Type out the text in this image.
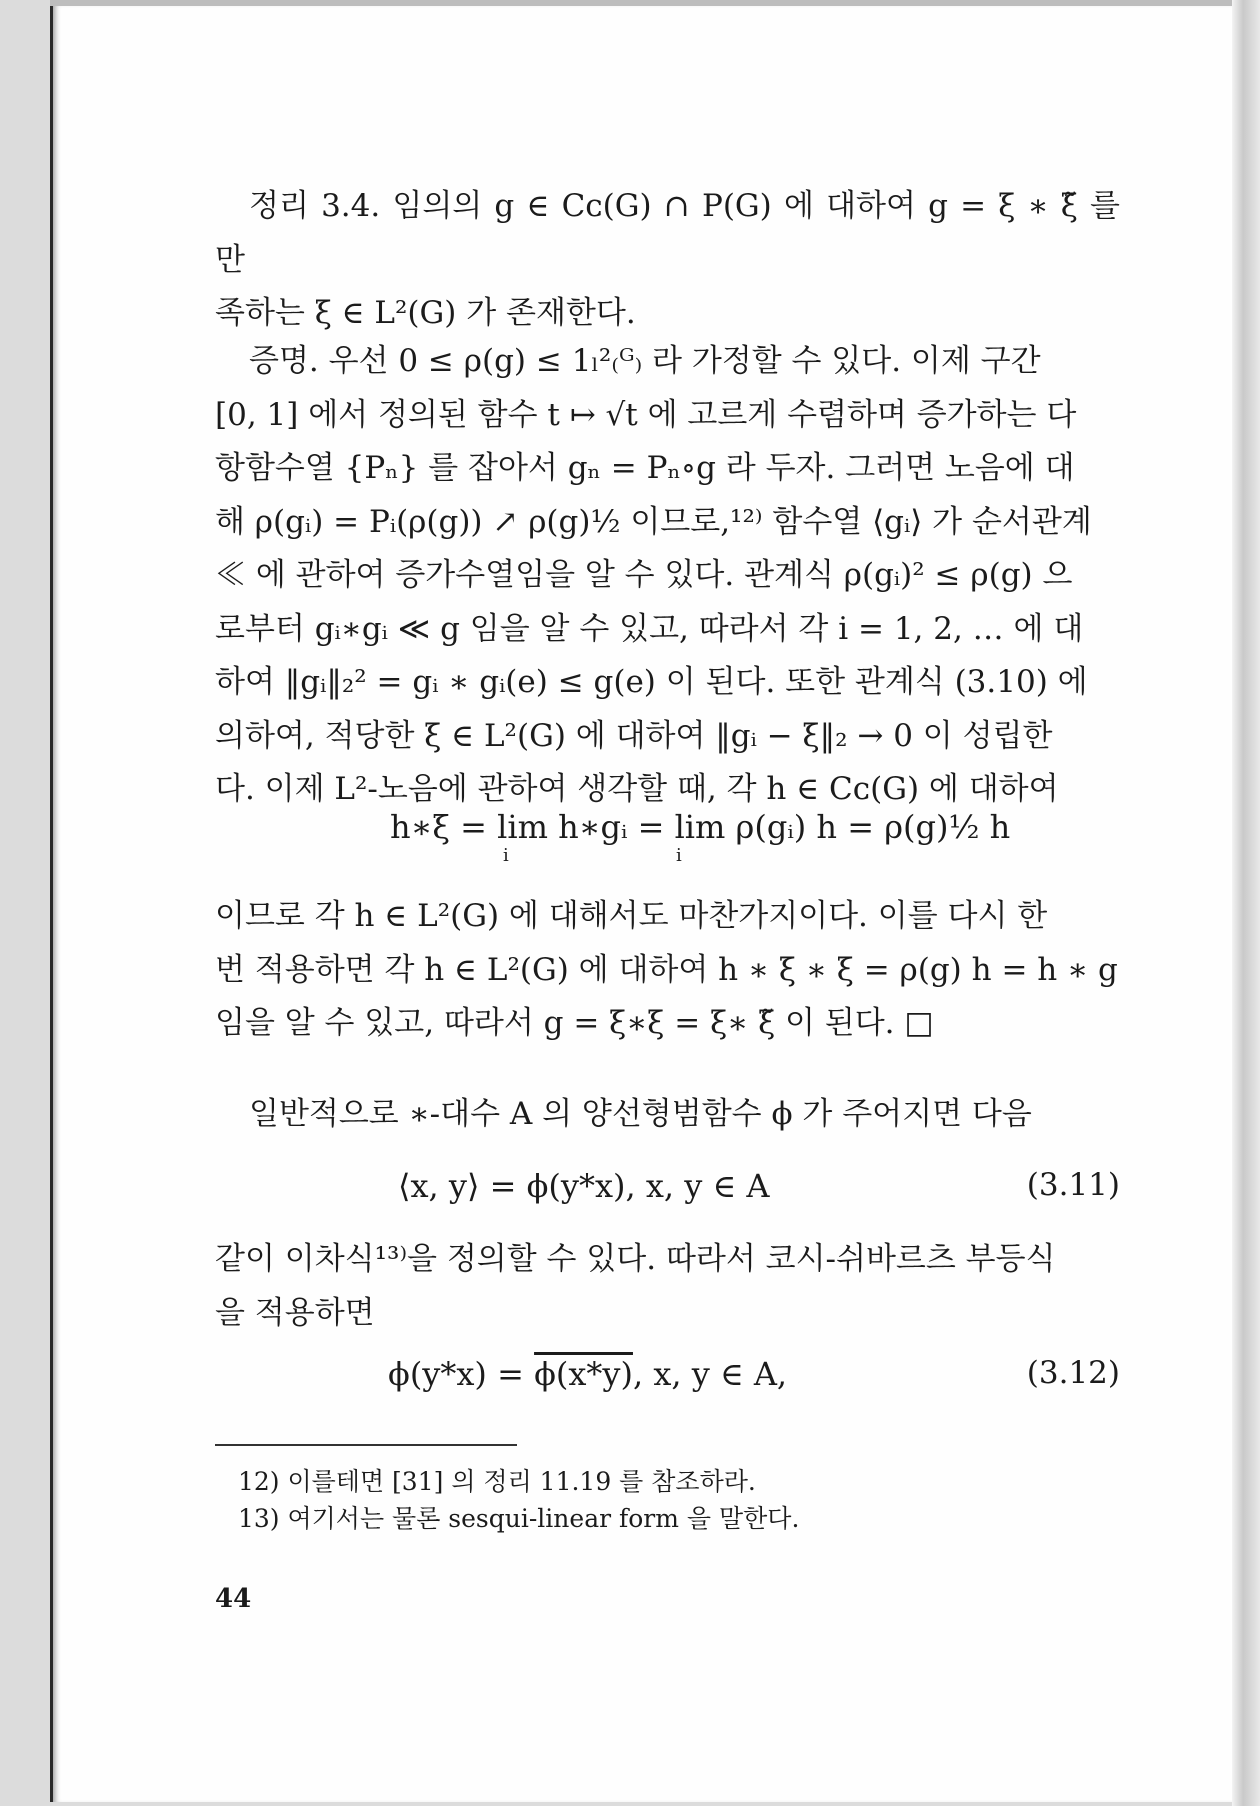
정리 3.4. 임의의 g ∈ Cᴄ(G) ∩ P(G) 에 대하여 g = ξ ∗ ξ̃ 를 만

족하는 ξ ∈ L²(G) 가 존재한다.

증명. 우선 0 ≤ ρ(g) ≤ 1ₗ²₍ᴳ₎ 라 가정할 수 있다. 이제 구간

[0, 1] 에서 정의된 함수 t ↦ √t 에 고르게 수렴하며 증가하는 다

항함수열 {Pₙ} 를 잡아서 gₙ = Pₙ∘g 라 두자. 그러면 노음에 대

해 ρ(gᵢ) = Pᵢ(ρ(g)) ↗ ρ(g)½ 이므로,¹²⁾ 함수열 ⟨gᵢ⟩ 가 순서관계

≪ 에 관하여 증가수열임을 알 수 있다. 관계식 ρ(gᵢ)² ≤ ρ(g) 으

로부터 gᵢ∗gᵢ ≪ g 임을 알 수 있고, 따라서 각 i = 1, 2, … 에 대

하여 ‖gᵢ‖₂² = gᵢ ∗ gᵢ(e) ≤ g(e) 이 된다. 또한 관계식 (3.10) 에

의하여, 적당한 ξ ∈ L²(G) 에 대하여 ‖gᵢ − ξ‖₂ → 0 이 성립한

다. 이제 L²-노음에 관하여 생각할 때, 각 h ∈ Cᴄ(G) 에 대하여

h∗ξ = lim h∗gᵢ = lim ρ(gᵢ) h = ρ(g)½ h
i	i

이므로 각 h ∈ L²(G) 에 대해서도 마찬가지이다. 이를 다시 한

번 적용하면 각 h ∈ L²(G) 에 대하여 h ∗ ξ ∗ ξ = ρ(g) h = h ∗ g

임을 알 수 있고, 따라서 g = ξ∗ξ = ξ∗ ξ̃ 이 된다. □

일반적으로 ∗-대수 A 의 양선형범함수 ϕ 가 주어지면 다음

⟨x, y⟩ = ϕ(y*x), x, y ∈ A	(3.11)

같이 이차식¹³⁾을 정의할 수 있다. 따라서 코시-쉬바르츠 부등식

을 적용하면

ϕ(y*x) = ϕ(x*y), x, y ∈ A,	(3.12)
12) 이를테면 [31] 의 정리 11.19 를 참조하라.
13) 여기서는 물론 sesqui-linear form 을 말한다.
44
